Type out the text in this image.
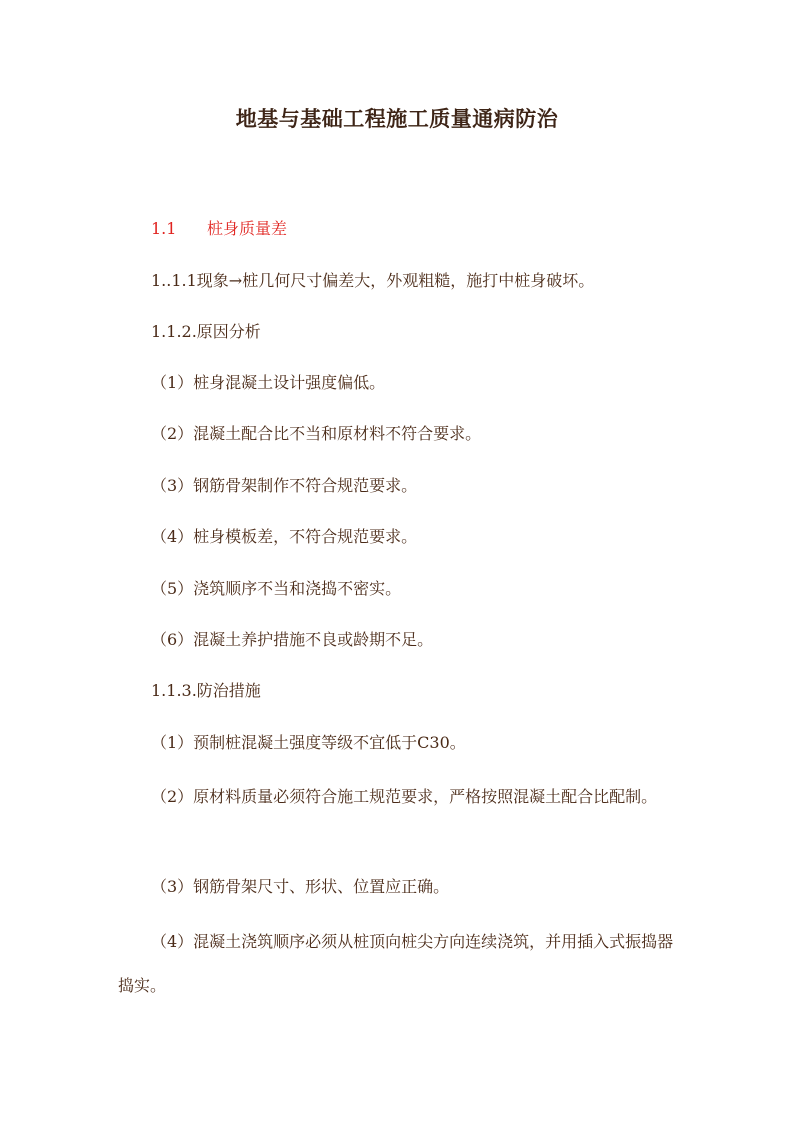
地基与基础工程施工质量通病防治
1.1 桩身质量差
1..1.1现象→桩几何尺寸偏差大，外观粗糙，施打中桩身破坏。
1.1.2.原因分析
（1）桩身混凝土设计强度偏低。
（2）混凝土配合比不当和原材料不符合要求。
（3）钢筋骨架制作不符合规范要求。
（4）桩身模板差，不符合规范要求。
（5）浇筑顺序不当和浇捣不密实。
（6）混凝土养护措施不良或龄期不足。
1.1.3.防治措施
（1）预制桩混凝土强度等级不宜低于C30。
（2）原材料质量必须符合施工规范要求，严格按照混凝土配合比配制。
（3）钢筋骨架尺寸、形状、位置应正确。
（4）混凝土浇筑顺序必须从桩顶向桩尖方向连续浇筑，并用插入式振捣器捣实。
